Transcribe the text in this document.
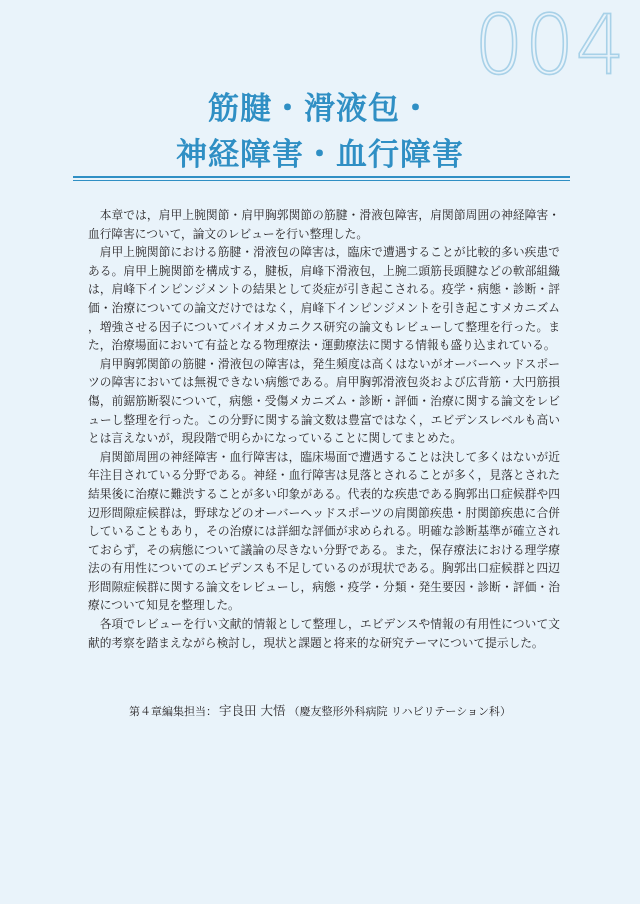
004
筋腱・滑液包・
神経障害・血行障害

本章では，肩甲上腕関節・肩甲胸郭関節の筋腱・滑液包障害，肩関節周囲の神経障害・血行障害について，論文のレビューを行い整理した。

肩甲上腕関節における筋腱・滑液包の障害は，臨床で遭遇することが比較的多い疾患である。肩甲上腕関節を構成する，腱板，肩峰下滑液包，上腕二頭筋長頭腱などの軟部組織は，肩峰下インピンジメントの結果として炎症が引き起こされる。疫学・病態・診断・評価・治療についての論文だけではなく，肩峰下インピンジメントを引き起こすメカニズム，増強させる因子についてバイオメカニクス研究の論文もレビューして整理を行った。また，治療場面において有益となる物理療法・運動療法に関する情報も盛り込まれている。

肩甲胸郭関節の筋腱・滑液包の障害は，発生頻度は高くはないがオーバーヘッドスポーツの障害においては無視できない病態である。肩甲胸郭滑液包炎および広背筋・大円筋損傷，前鋸筋断裂について，病態・受傷メカニズム・診断・評価・治療に関する論文をレビューし整理を行った。この分野に関する論文数は豊富ではなく，エビデンスレベルも高いとは言えないが，現段階で明らかになっていることに関してまとめた。

肩関節周囲の神経障害・血行障害は，臨床場面で遭遇することは決して多くはないが近年注目されている分野である。神経・血行障害は見落とされることが多く，見落とされた結果後に治療に難渋することが多い印象がある。代表的な疾患である胸郭出口症候群や四辺形間隙症候群は，野球などのオーバーヘッドスポーツの肩関節疾患・肘関節疾患に合併していることもあり，その治療には詳細な評価が求められる。明確な診断基準が確立されておらず，その病態について議論の尽きない分野である。また，保存療法における理学療法の有用性についてのエビデンスも不足しているのが現状である。胸郭出口症候群と四辺形間隙症候群に関する論文をレビューし，病態・疫学・分類・発生要因・診断・評価・治療について知見を整理した。

各項でレビューを行い文献的情報として整理し，エビデンスや情報の有用性について文献的考察を踏まえながら検討し，現状と課題と将来的な研究テーマについて提示した。

第４章編集担当： 宇良田 大悟 （慶友整形外科病院 リハビリテーション科）
